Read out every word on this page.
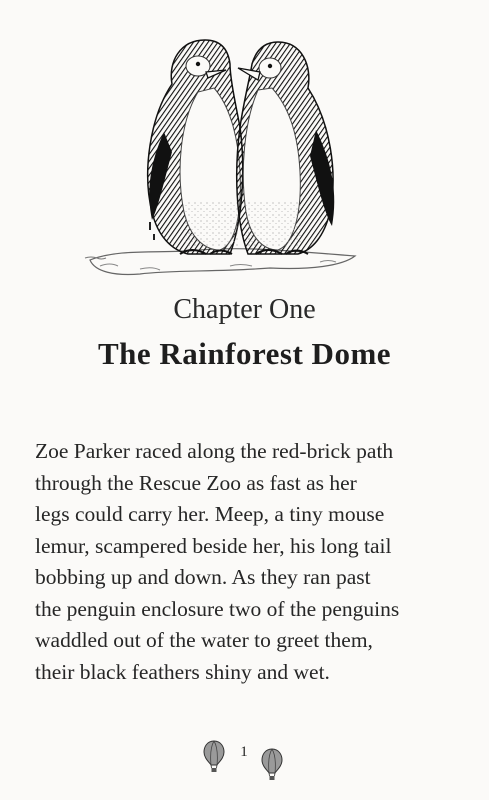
Chapter One
The Rainforest Dome
Zoe Parker raced along the red-brick path
through the Rescue Zoo as fast as her
legs could carry her. Meep, a tiny mouse
lemur, scampered beside her, his long tail
bobbing up and down. As they ran past
the penguin enclosure two of the penguins
waddled out of the water to greet them,
their black feathers shiny and wet.
1
